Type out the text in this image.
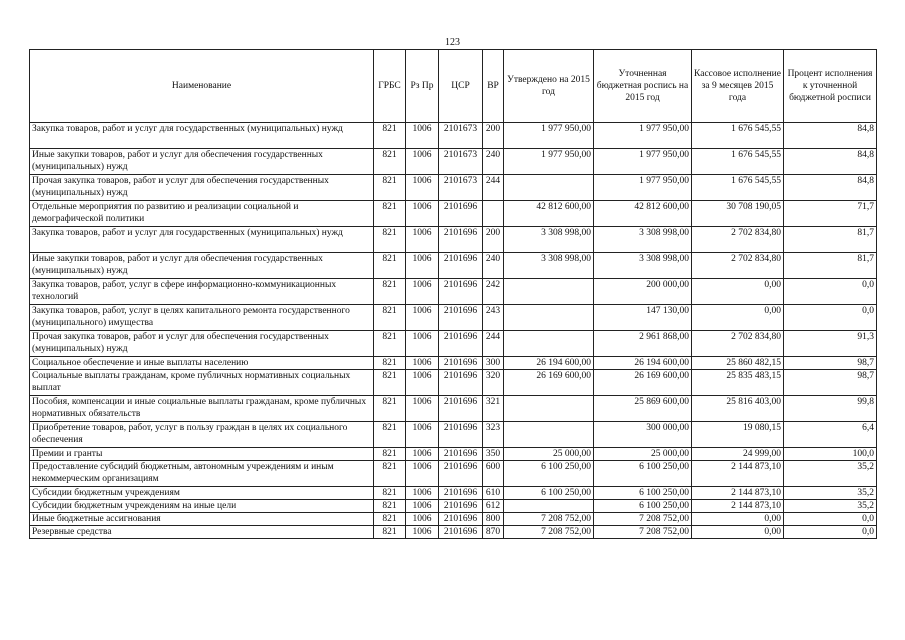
123
Наименование	ГРБС	Рз Пр	ЦСР	ВР	Утверждено на 2015 год	Уточненная бюджетная роспись на 2015 год	Кассовое исполнение за 9 месяцев 2015 года	Процент исполнения к уточненной бюджетной росписи
Закупка товаров, работ и услуг для государственных (муниципальных) нужд	821	1006	2101673	200	1 977 950,00	1 977 950,00	1 676 545,55	84,8
Иные закупки товаров, работ и услуг для обеспечения государственных (муниципальных) нужд	821	1006	2101673	240	1 977 950,00	1 977 950,00	1 676 545,55	84,8
Прочая закупка товаров, работ и услуг для обеспечения государственных (муниципальных) нужд	821	1006	2101673	244		1 977 950,00	1 676 545,55	84,8
Отдельные мероприятия по развитию и реализации социальной и демографической политики	821	1006	2101696		42 812 600,00	42 812 600,00	30 708 190,05	71,7
Закупка товаров, работ и услуг для государственных (муниципальных) нужд	821	1006	2101696	200	3 308 998,00	3 308 998,00	2 702 834,80	81,7
Иные закупки товаров, работ и услуг для обеспечения государственных (муниципальных) нужд	821	1006	2101696	240	3 308 998,00	3 308 998,00	2 702 834,80	81,7
Закупка товаров, работ, услуг в сфере информационно-коммуникационных технологий	821	1006	2101696	242		200 000,00	0,00	0,0
Закупка товаров, работ, услуг в целях капитального ремонта государственного (муниципального) имущества	821	1006	2101696	243		147 130,00	0,00	0,0
Прочая закупка товаров, работ и услуг для обеспечения государственных (муниципальных) нужд	821	1006	2101696	244		2 961 868,00	2 702 834,80	91,3
Социальное обеспечение и иные выплаты населению	821	1006	2101696	300	26 194 600,00	26 194 600,00	25 860 482,15	98,7
Социальные выплаты гражданам, кроме публичных нормативных социальных выплат	821	1006	2101696	320	26 169 600,00	26 169 600,00	25 835 483,15	98,7
Пособия, компенсации и иные социальные выплаты гражданам, кроме публичных нормативных обязательств	821	1006	2101696	321		25 869 600,00	25 816 403,00	99,8
Приобретение товаров, работ, услуг в пользу граждан в целях их социального обеспечения	821	1006	2101696	323		300 000,00	19 080,15	6,4
Премии и гранты	821	1006	2101696	350	25 000,00	25 000,00	24 999,00	100,0
Предоставление субсидий бюджетным, автономным учреждениям и иным некоммерческим организациям	821	1006	2101696	600	6 100 250,00	6 100 250,00	2 144 873,10	35,2
Субсидии бюджетным учреждениям	821	1006	2101696	610	6 100 250,00	6 100 250,00	2 144 873,10	35,2
Субсидии бюджетным учреждениям на иные цели	821	1006	2101696	612		6 100 250,00	2 144 873,10	35,2
Иные бюджетные ассигнования	821	1006	2101696	800	7 208 752,00	7 208 752,00	0,00	0,0
Резервные средства	821	1006	2101696	870	7 208 752,00	7 208 752,00	0,00	0,0
